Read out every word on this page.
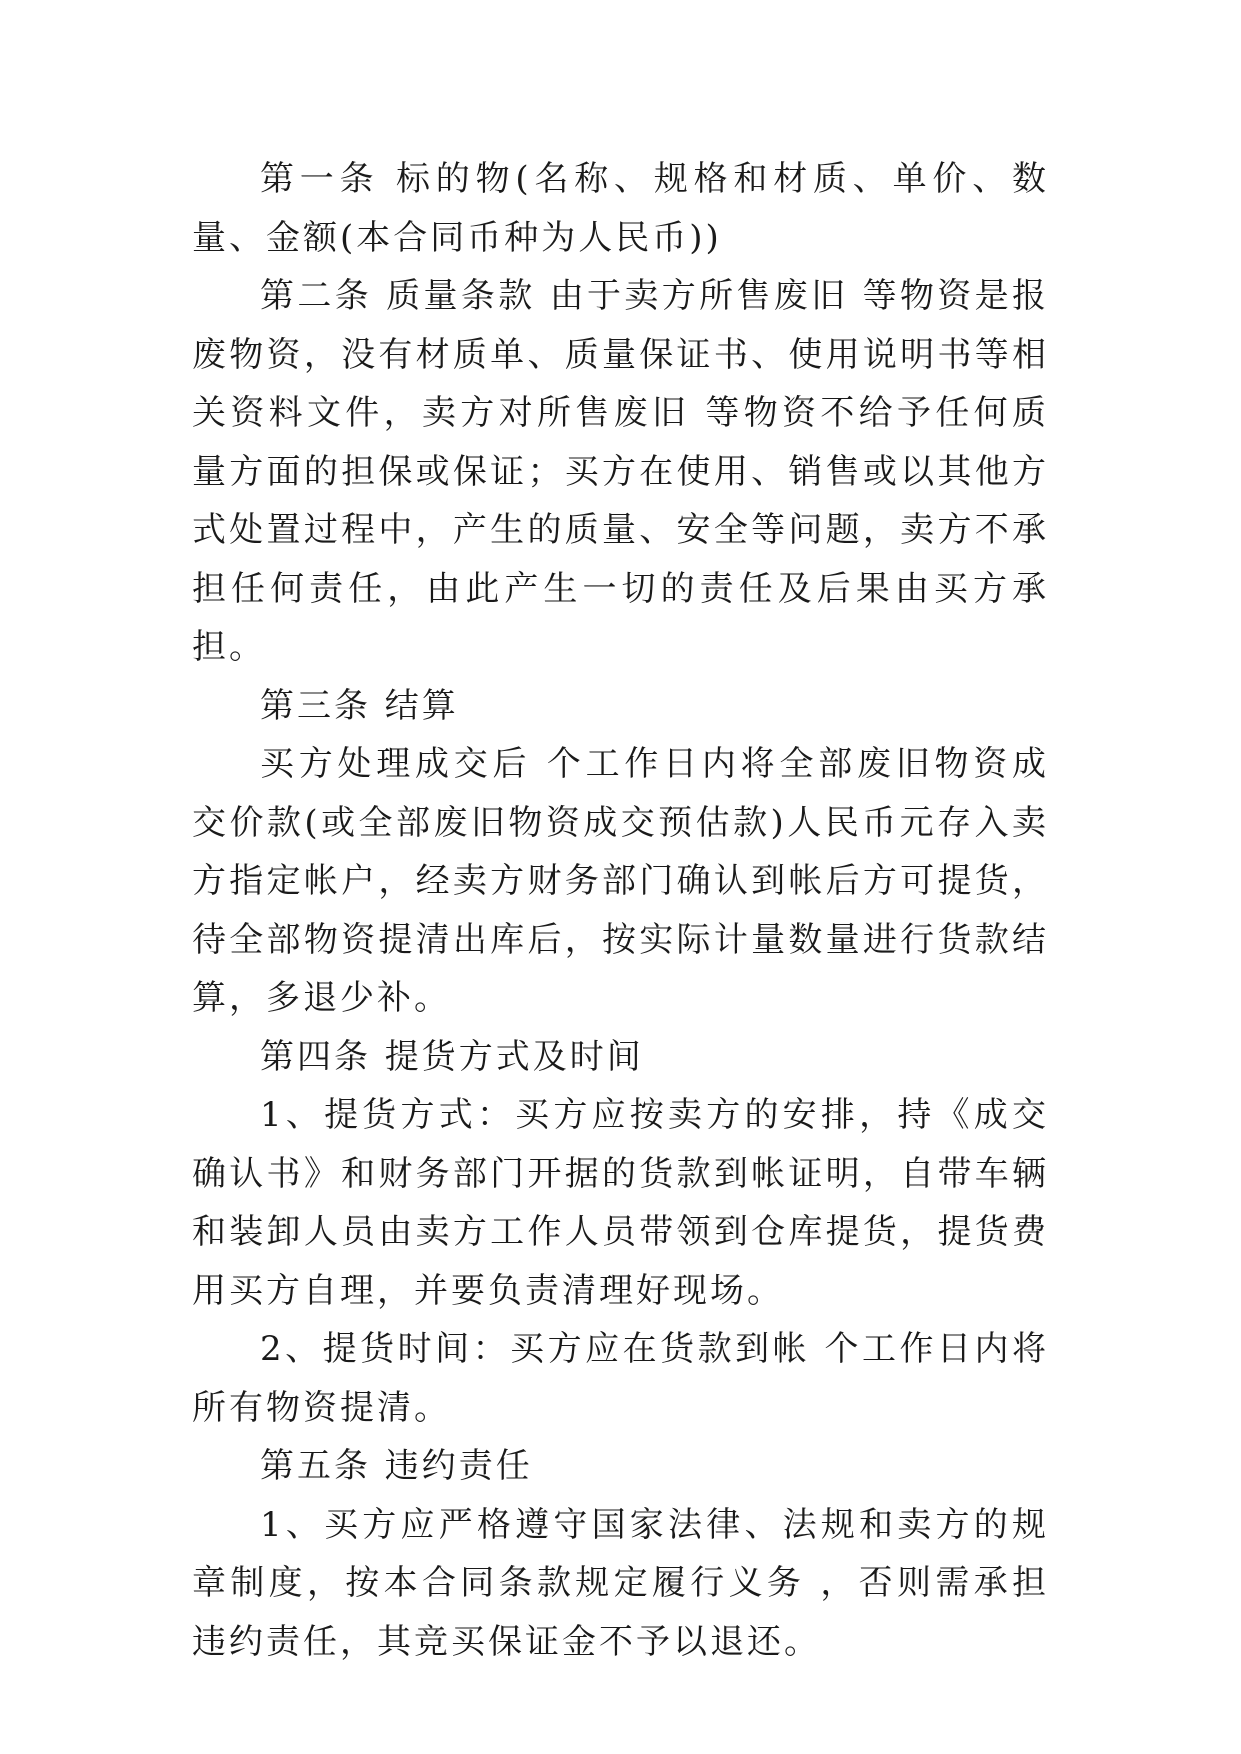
第一条 标的物(名称、规格和材质、单价、数量、金额(本合同币种为人民币))

第二条 质量条款 由于卖方所售废旧 等物资是报废物资，没有材质单、质量保证书、使用说明书等相关资料文件，卖方对所售废旧 等物资不给予任何质量方面的担保或保证；买方在使用、销售或以其他方式处置过程中，产生的质量、安全等问题，卖方不承担任何责任，由此产生一切的责任及后果由买方承担。

第三条 结算

买方处理成交后 个工作日内将全部废旧物资成交价款(或全部废旧物资成交预估款)人民币元存入卖方指定帐户，经卖方财务部门确认到帐后方可提货，待全部物资提清出库后，按实际计量数量进行货款结算，多退少补。

第四条 提货方式及时间

1、提货方式：买方应按卖方的安排，持《成交确认书》和财务部门开据的货款到帐证明，自带车辆和装卸人员由卖方工作人员带领到仓库提货，提货费用买方自理，并要负责清理好现场。

2、提货时间：买方应在货款到帐 个工作日内将所有物资提清。

第五条 违约责任

1、买方应严格遵守国家法律、法规和卖方的规章制度，按本合同条款规定履行义务 ，否则需承担违约责任，其竞买保证金不予以退还。
